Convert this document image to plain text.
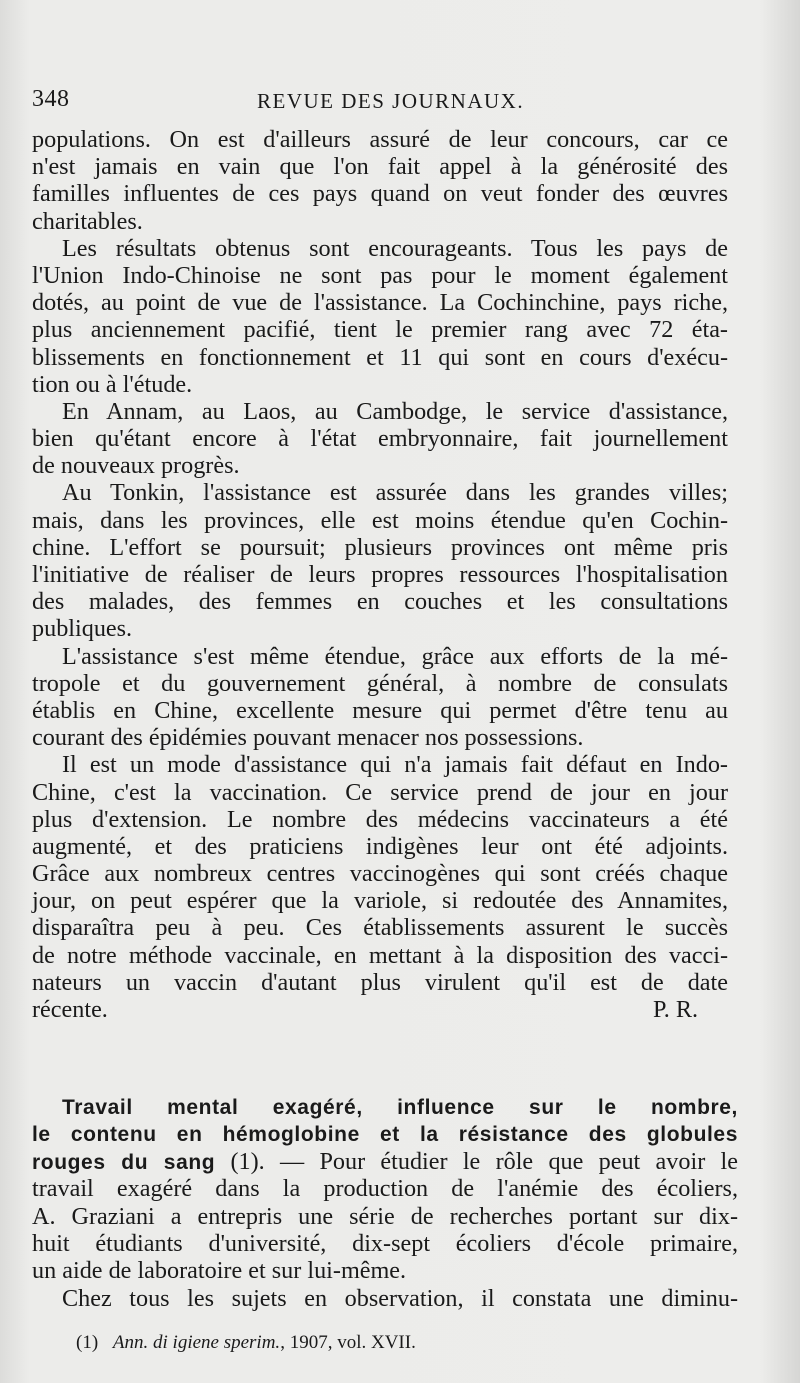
348	REVUE DES JOURNAUX.
populations. On est d'ailleurs assuré de leur concours, car ce
n'est jamais en vain que l'on fait appel à la générosité des
familles influentes de ces pays quand on veut fonder des œuvres
charitables.
Les résultats obtenus sont encourageants. Tous les pays de
l'Union Indo-Chinoise ne sont pas pour le moment également
dotés, au point de vue de l'assistance. La Cochinchine, pays riche,
plus anciennement pacifié, tient le premier rang avec 72 éta-
blissements en fonctionnement et 11 qui sont en cours d'exécu-
tion ou à l'étude.
En Annam, au Laos, au Cambodge, le service d'assistance,
bien qu'étant encore à l'état embryonnaire, fait journellement
de nouveaux progrès.
Au Tonkin, l'assistance est assurée dans les grandes villes;
mais, dans les provinces, elle est moins étendue qu'en Cochin-
chine. L'effort se poursuit; plusieurs provinces ont même pris
l'initiative de réaliser de leurs propres ressources l'hospitalisation
des malades, des femmes en couches et les consultations
publiques.
L'assistance s'est même étendue, grâce aux efforts de la mé-
tropole et du gouvernement général, à nombre de consulats
établis en Chine, excellente mesure qui permet d'être tenu au
courant des épidémies pouvant menacer nos possessions.
Il est un mode d'assistance qui n'a jamais fait défaut en Indo-
Chine, c'est la vaccination. Ce service prend de jour en jour
plus d'extension. Le nombre des médecins vaccinateurs a été
augmenté, et des praticiens indigènes leur ont été adjoints.
Grâce aux nombreux centres vaccinogènes qui sont créés chaque
jour, on peut espérer que la variole, si redoutée des Annamites,
disparaîtra peu à peu. Ces établissements assurent le succès
de notre méthode vaccinale, en mettant à la disposition des vacci-
nateurs un vaccin d'autant plus virulent qu'il est de date
récente.	P. R.
Travail mental exagéré, influence sur le nombre,
le contenu en hémoglobine et la résistance des globules
rouges du sang (1). — Pour étudier le rôle que peut avoir le
travail exagéré dans la production de l'anémie des écoliers,
A. Graziani a entrepris une série de recherches portant sur dix-
huit étudiants d'université, dix-sept écoliers d'école primaire,
un aide de laboratoire et sur lui-même.
Chez tous les sujets en observation, il constata une diminu-
(1) Ann. di igiene sperim., 1907, vol. XVII.
